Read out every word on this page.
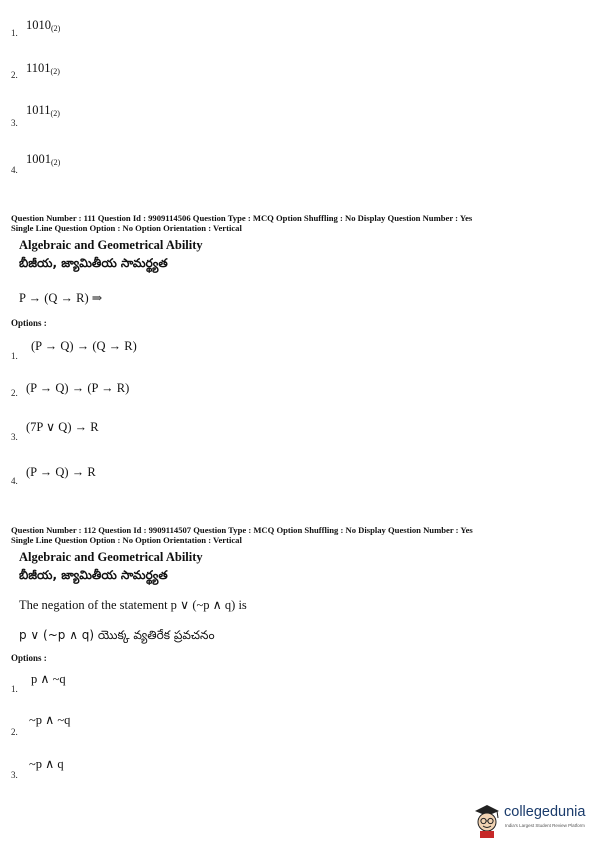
1.
$1010_{(2)}$
2. $1101_{(2)}$
3.
$1011_{(2)}$
4.
$1001_{(2)}$
Question Number : 111 Question Id : 9909114506 Question Type : MCQ Option Shuffling : No Display Question Number : Yes
Single Line Question Option : No Option Orientation : Vertical
Algebraic and Geometrical Ability
బీజీయ, జ్యామితీయ సామర్థ్యత
P → (Q → R) ⇒
Options :
1.
(P → Q) → (Q → R)
2. (P → Q) → (P → R)
3.
(7P ∨ Q) → R
4.
(P → Q) → R
Question Number : 112 Question Id : 9909114507 Question Type : MCQ Option Shuffling : No Display Question Number : Yes
Single Line Question Option : No Option Orientation : Vertical
Algebraic and Geometrical Ability
బీజీయ, జ్యామితీయ సామర్థ్యత
The negation of the statement p ∨ (~p ∧ q) is
p ∨ (~p ∧ q) యొక్క వ్యతిరేక ప్రవచనం
Options :
1.
p ∧ ~q
2.
~p ∧ ~q
3.
~p ∧ q
collegedunia
India's Largest Student Review Platform
